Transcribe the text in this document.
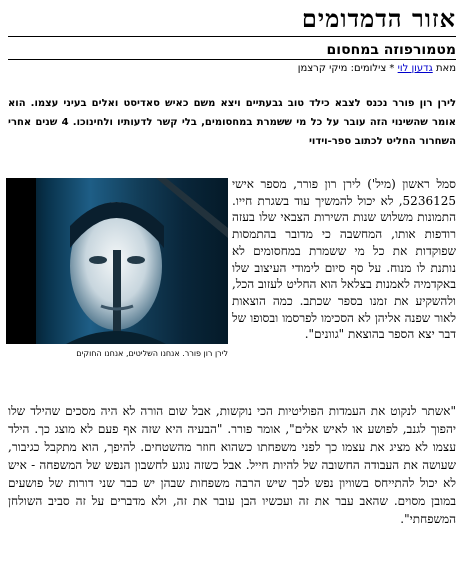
אזור הדמדומים
מטמורפוזה במחסום
מאת גדעון לוי * צילומים: מיקי קרצמן
לירן רון פורר נכנס לצבא כילד טוב גבעתיים ויצא משם כאיש סאדיסט ואלים בעיני עצמו. הוא אומר שהשינוי הזה עובר על כל מי ששמרת במחסומים, בלי קשר לדעותיו ולחינוכו. 4 שנים אחרי השחרור החליט לכתוב ספר-וידוי
לירן רון פורר. אנחנו השליטים, אנחנו החוקים
סמל ראשון (מיל') לירן רון פורר, מספר אישי 5236125, לא יכול להמשיך עוד בשגרת חייו. התמונות משלוש שנות השירות הצבאי שלו בעזה רודפות אותו, המחשבה כי מדובר בהתמסות שפוקדות את כל מי ששמרת במחסומים לא נותנת לו מנוח. על סף סיום לימודי העיצוב שלו באקדמיה לאמנות בצלאל הוא החליט לעזוב הכל, ולהשקיע את זמנו בספר שכתב. כמה הוצאות לאור שפנה אליהן לא הסכימו לפרסמו ובסופו של דבר יצא הספר בהוצאת "גוונים".
"אשתר לנקוט את העמדות הפוליטיות הכי נוקשות, אבל שום הורה לא היה מסכים שהילד שלו יהפוך לגנב, לפושע או לאיש אלים", אומר פורר. "הבעיה היא שזה אף פעם לא מוצג כך. הילד עצמו לא מציג את עצמו כך לפני משפחתו כשהוא חוזר מהשטחים. להיפך, הוא מתקבל כגיבור, שעושה את העבודה החשובה של להיות חייל. אבל כשזה נוגע לחשבון הנפש של המשפחה - איש לא יכול להתייחס בשוויון נפש לכך שיש הרבה משפחות שבהן יש כבר שני דורות של פושעים במובן מסוים. שהאב עבר את זה ועכשיו הבן עובר את זה, ולא מדברים על זה סביב השולחן המשפחתי".
